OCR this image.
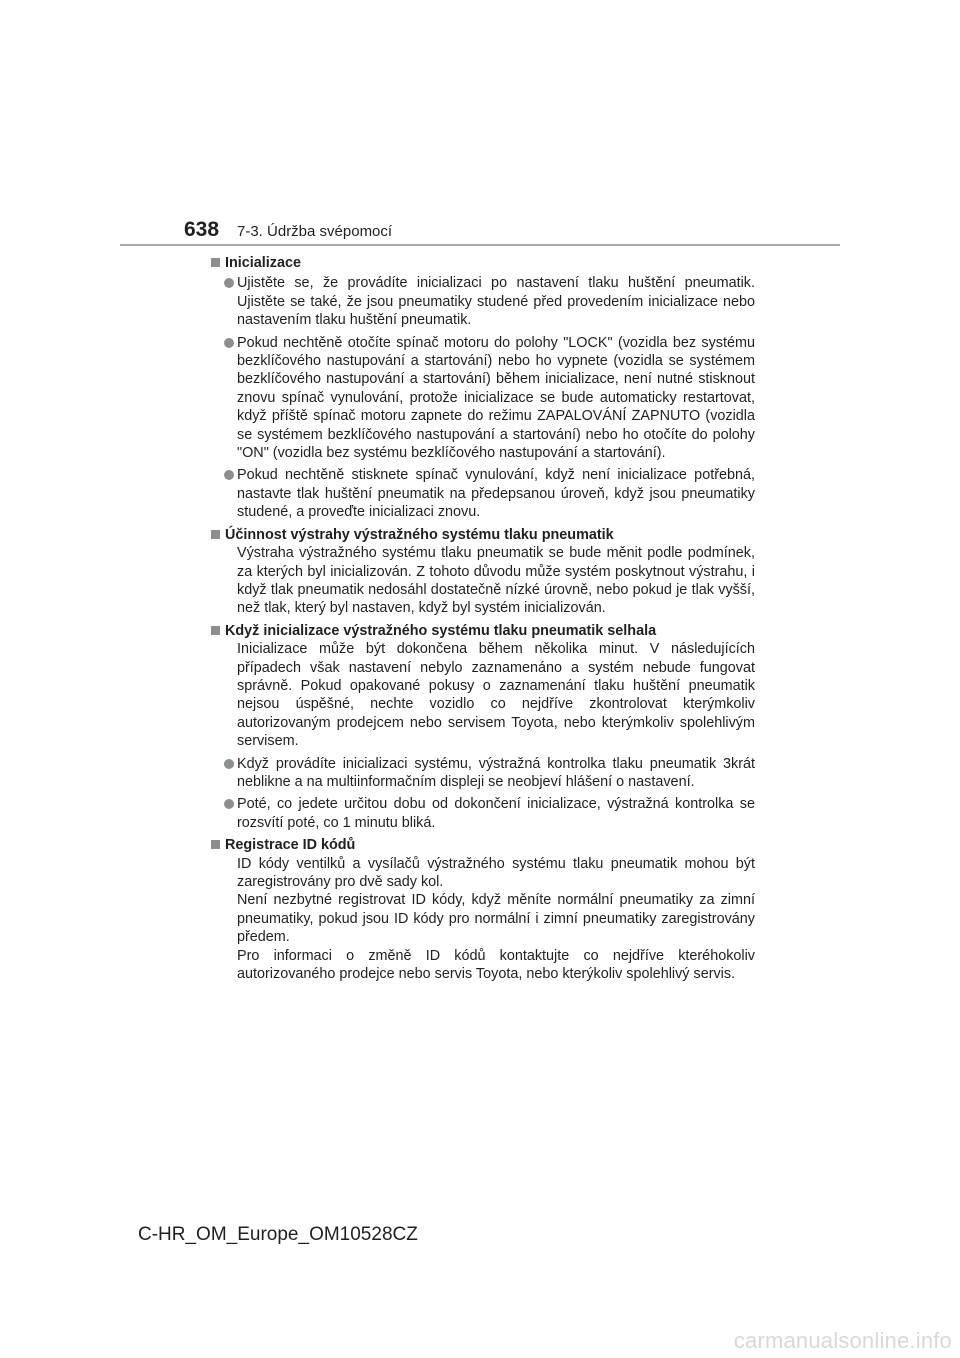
638 7-3. Údržba svépomocí
Inicializace
Ujistěte se, že provádíte inicializaci po nastavení tlaku huštění pneumatik. Ujistěte se také, že jsou pneumatiky studené před provedením inicializace nebo nastavením tlaku huštění pneumatik.
Pokud nechtěně otočíte spínač motoru do polohy "LOCK" (vozidla bez systému bezklíčového nastupování a startování) nebo ho vypnete (vozidla se systémem bezklíčového nastupování a startování) během inicializace, není nutné stisknout znovu spínač vynulování, protože inicializace se bude automaticky restartovat, když příště spínač motoru zapnete do režimu ZAPALOVÁNÍ ZAPNUTO (vozidla se systémem bezklíčového nastupování a startování) nebo ho otočíte do polohy "ON" (vozidla bez systému bezklíčového nastupování a startování).
Pokud nechtěně stisknete spínač vynulování, když není inicializace potřebná, nastavte tlak huštění pneumatik na předepsanou úroveň, když jsou pneumatiky studené, a proveďte inicializaci znovu.
Účinnost výstrahy výstražného systému tlaku pneumatik

Výstraha výstražného systému tlaku pneumatik se bude měnit podle podmínek, za kterých byl inicializován. Z tohoto důvodu může systém poskytnout výstrahu, i když tlak pneumatik nedosáhl dostatečně nízké úrovně, nebo pokud je tlak vyšší, než tlak, který byl nastaven, když byl systém inicializován.

Když inicializace výstražného systému tlaku pneumatik selhala

Inicializace může být dokončena během několika minut. V následujících případech však nastavení nebylo zaznamenáno a systém nebude fungovat správně. Pokud opakované pokusy o zaznamenání tlaku huštění pneumatik nejsou úspěšné, nechte vozidlo co nejdříve zkontrolovat kterýmkoliv autorizovaným prodejcem nebo servisem Toyota, nebo kterýmkoliv spolehlivým servisem.

Když provádíte inicializaci systému, výstražná kontrolka tlaku pneumatik 3krát neblikne a na multiinformačním displeji se neobjeví hlášení o nastavení.
Poté, co jedete určitou dobu od dokončení inicializace, výstražná kontrolka se rozsvítí poté, co 1 minutu bliká.
Registrace ID kódů

ID kódy ventilků a vysílačů výstražného systému tlaku pneumatik mohou být zaregistrovány pro dvě sady kol.

Není nezbytné registrovat ID kódy, když měníte normální pneumatiky za zimní pneumatiky, pokud jsou ID kódy pro normální i zimní pneumatiky zaregistrovány předem.

Pro informaci o změně ID kódů kontaktujte co nejdříve kteréhokoliv autorizovaného prodejce nebo servis Toyota, nebo kterýkoliv spolehlivý servis.

C-HR_OM_Europe_OM10528CZ
carmanualsonline.info
